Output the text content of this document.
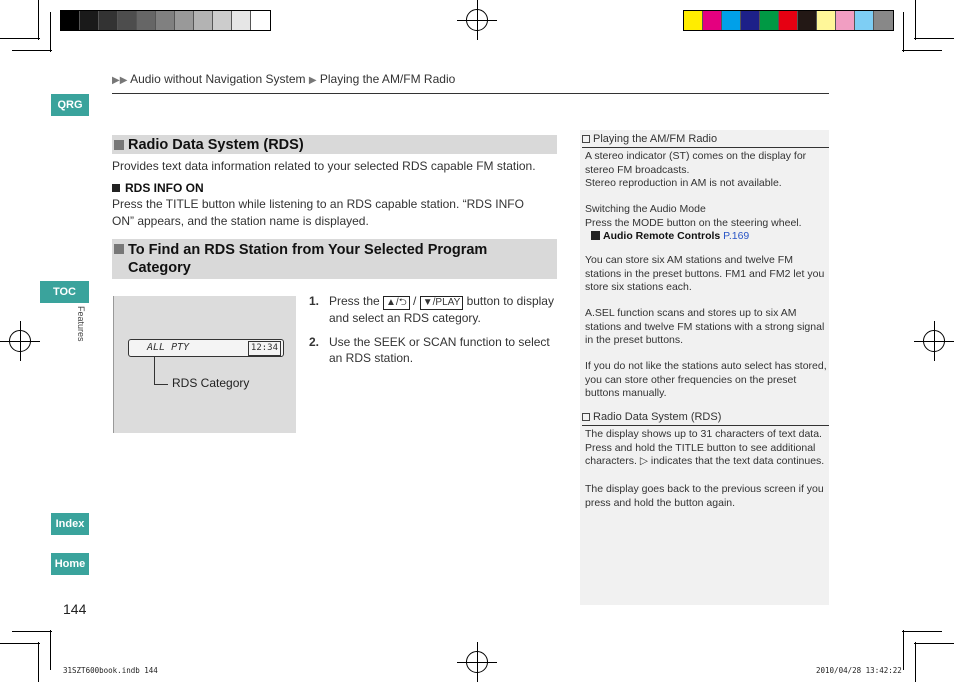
QRG
TOC
Features
Index
Home
▶▶ Audio without Navigation System ▶ Playing the AM/FM Radio
Radio Data System (RDS)
Provides text data information related to your selected RDS capable FM station.
RDS INFO ON
Press the TITLE button while listening to an RDS capable station. “RDS INFO ON” appears, and the station name is displayed.
To Find an RDS Station from Your Selected Program
Category
ALL PTY	12:34
RDS Category
1. Press the ▲/⮌ / ▼/PLAY button to display and select an RDS category.
2. Use the SEEK or SCAN function to select an RDS station.
Playing the AM/FM Radio
A stereo indicator (ST) comes on the display for stereo FM broadcasts.
Stereo reproduction in AM is not available.
Switching the Audio Mode
Press the MODE button on the steering wheel.
Audio Remote Controls P.169
You can store six AM stations and twelve FM stations in the preset buttons. FM1 and FM2 let you store six stations each.
A.SEL function scans and stores up to six AM stations and twelve FM stations with a strong signal in the preset buttons.
If you do not like the stations auto select has stored, you can store other frequencies on the preset buttons manually.
Radio Data System (RDS)
The display shows up to 31 characters of text data. Press and hold the TITLE button to see additional characters. ▷ indicates that the text data continues.
The display goes back to the previous screen if you press and hold the button again.
144
31SZT600book.indb 144	2010/04/28 13:42:22
